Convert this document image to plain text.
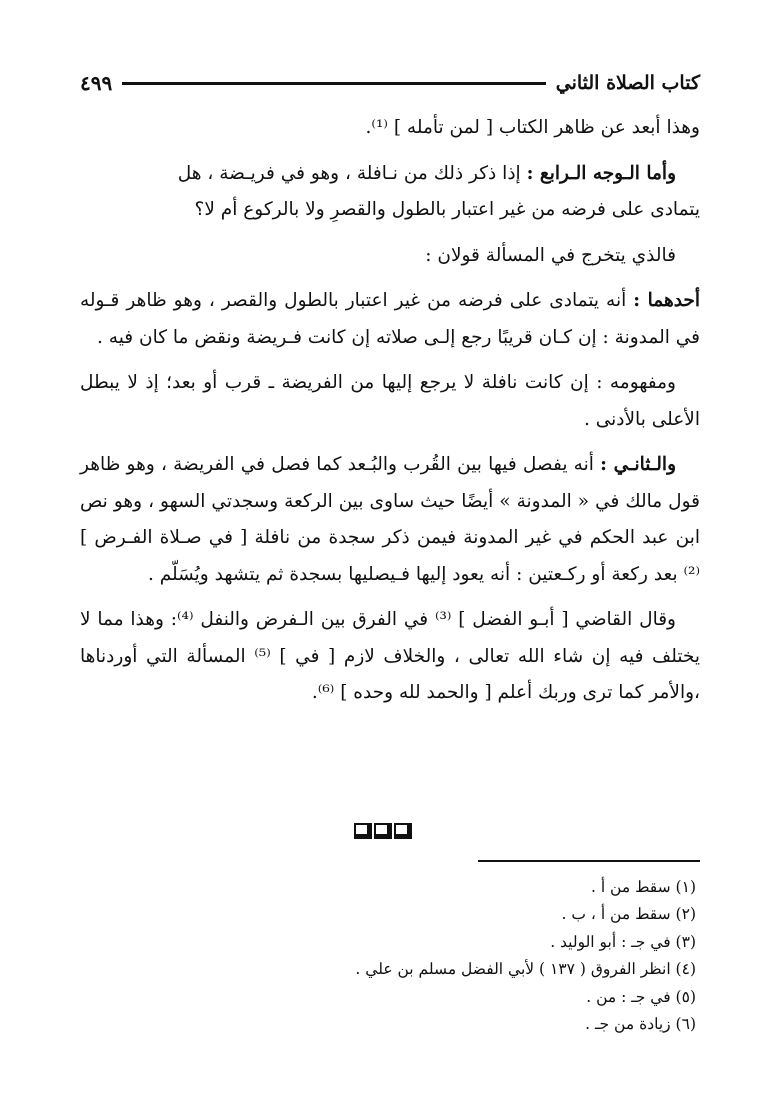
كتاب الصلاة الثاني
٤٩٩

وهذا أبعد عن ظاهر الكتاب [ لمن تأمله ] ⁽¹⁾.

وأما الـوجه الـرابع : إذا ذكر ذلك من نـافلة ، وهو في فريـضة ، هل
يتمادى على فرضه من غير اعتبار بالطول والقصرِ ولا بالركوع أم لا؟

فالذي يتخرج في المسألة قولان :

أحدهما : أنه يتمادى على فرضه من غير اعتبار بالطول والقصر ، وهو ظاهر قـوله في المدونة : إن كـان قريبًا رجع إلـى صلاته إن كانت فـريضة ونقض ما كان فيه .

ومفهومه : إن كانت نافلة لا يرجع إليها من الفريضة ـ قرب أو بعد؛ إذ لا يبطل الأعلى بالأدنى .

والـثانـي : أنه يفصل فيها بين القُرب والبُـعد كما فصل في الفريضة ، وهو ظاهر قول مالك في « المدونة » أيضًا حيث ساوى بين الركعة وسجدتي السهو ، وهو نص ابن عبد الحكم في غير المدونة فيمن ذكر سجدة من نافلة [ في صـلاة الفـرض ] ⁽²⁾ بعد ركعة أو ركـعتين : أنه يعود إليها فـيصليها بسجدة ثم يتشهد ويُسَلّم .

وقال القاضي [ أبـو الفضل ] ⁽³⁾ في الفرق بين الـفرض والنفل ⁽⁴⁾: وهذا مما لا يختلف فيه إن شاء الله تعالى ، والخلاف لازم [ في ] ⁽⁵⁾ المسألة التي أوردناها ،والأمر كما ترى وربك أعلم [ والحمد لله وحده ] ⁽⁶⁾.

(١) سقط من أ .
(٢) سقط من أ ، ب .
(٣) في جـ : أبو الوليد .
(٤) انظر الفروق ( ١٣٧ ) لأبي الفضل مسلم بن علي .
(٥) في جـ : من .
(٦) زيادة من جـ .
